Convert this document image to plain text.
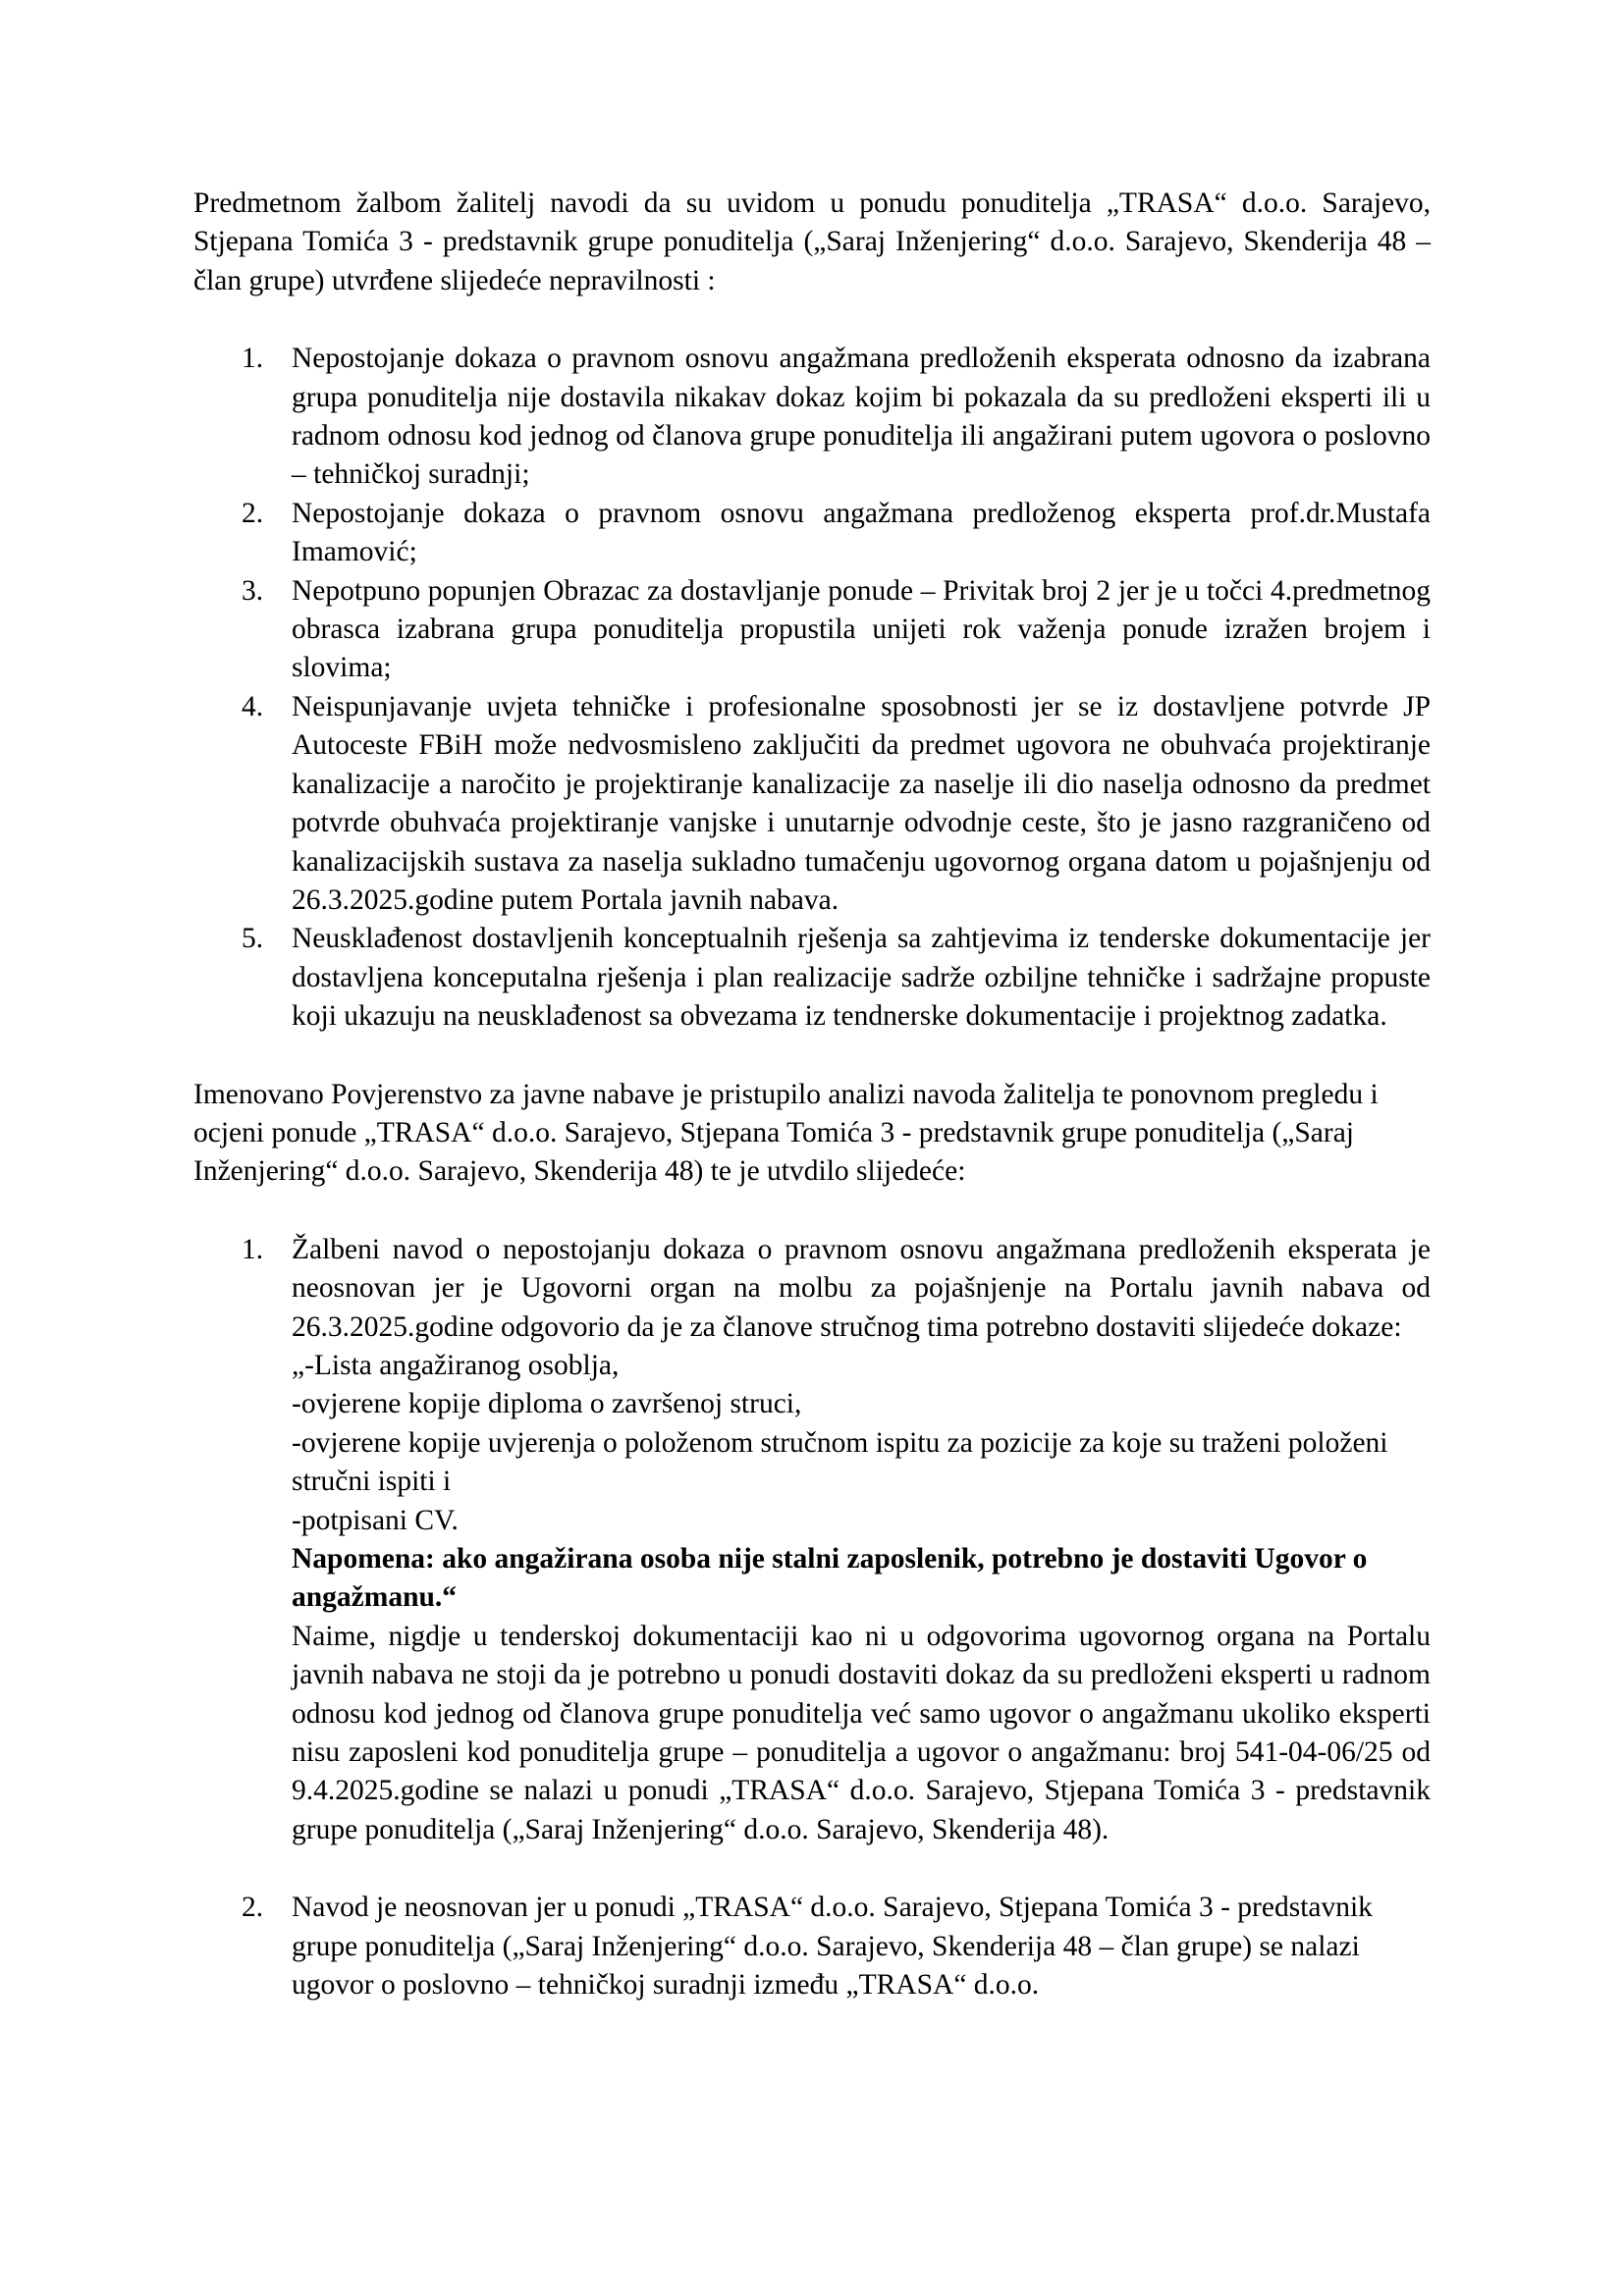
Predmetnom žalbom žalitelj navodi da su uvidom u ponudu ponuditelja „TRASA“ d.o.o. Sarajevo, Stjepana Tomića 3 - predstavnik grupe ponuditelja („Saraj Inženjering“ d.o.o. Sarajevo, Skenderija 48 – član grupe) utvrđene slijedeće nepravilnosti :

1. Nepostojanje dokaza o pravnom osnovu angažmana predloženih eksperata odnosno da izabrana grupa ponuditelja nije dostavila nikakav dokaz kojim bi pokazala da su predloženi eksperti ili u radnom odnosu kod jednog od članova grupe ponuditelja ili angažirani putem ugovora o poslovno – tehničkoj suradnji;

2. Nepostojanje dokaza o pravnom osnovu angažmana predloženog eksperta prof.dr.Mustafa Imamović;

3. Nepotpuno popunjen Obrazac za dostavljanje ponude – Privitak broj 2 jer je u točci 4.predmetnog obrasca izabrana grupa ponuditelja propustila unijeti rok važenja ponude izražen brojem i slovima;

4. Neispunjavanje uvjeta tehničke i profesionalne sposobnosti jer se iz dostavljene potvrde JP Autoceste FBiH može nedvosmisleno zaključiti da predmet ugovora ne obuhvaća projektiranje kanalizacije a naročito je projektiranje kanalizacije za naselje ili dio naselja odnosno da predmet potvrde obuhvaća projektiranje vanjske i unutarnje odvodnje ceste, što je jasno razgraničeno od kanalizacijskih sustava za naselja sukladno tumačenju ugovornog organa datom u pojašnjenju od 26.3.2025.godine putem Portala javnih nabava.

5. Neusklađenost dostavljenih konceptualnih rješenja sa zahtjevima iz tenderske dokumentacije jer dostavljena konceputalna rješenja i plan realizacije sadrže ozbiljne tehničke i sadržajne propuste koji ukazuju na neusklađenost sa obvezama iz tendnerske dokumentacije i projektnog zadatka.

Imenovano Povjerenstvo za javne nabave je pristupilo analizi navoda žalitelja te ponovnom pregledu i ocjeni ponude „TRASA“ d.o.o. Sarajevo, Stjepana Tomića 3 - predstavnik grupe ponuditelja („Saraj Inženjering“ d.o.o. Sarajevo, Skenderija 48) te je utvdilo slijedeće:

1. Žalbeni navod o nepostojanju dokaza o pravnom osnovu angažmana predloženih eksperata je neosnovan jer je Ugovorni organ na molbu za pojašnjenje na Portalu javnih nabava od 26.3.2025.godine odgovorio da je za članove stručnog tima potrebno dostaviti slijedeće dokaze:

„-Lista angažiranog osoblja,

-ovjerene kopije diploma o završenoj struci,

-ovjerene kopije uvjerenja o položenom stručnom ispitu za pozicije za koje su traženi položeni stručni ispiti i

-potpisani CV.

Napomena: ako angažirana osoba nije stalni zaposlenik, potrebno je dostaviti Ugovor o angažmanu.“

Naime, nigdje u tenderskoj dokumentaciji kao ni u odgovorima ugovornog organa na Portalu javnih nabava ne stoji da je potrebno u ponudi dostaviti dokaz da su predloženi eksperti u radnom odnosu kod jednog od članova grupe ponuditelja već samo ugovor o angažmanu ukoliko eksperti nisu zaposleni kod ponuditelja grupe – ponuditelja a ugovor o angažmanu: broj 541-04-06/25 od 9.4.2025.godine se nalazi u ponudi „TRASA“ d.o.o. Sarajevo, Stjepana Tomića 3 - predstavnik grupe ponuditelja („Saraj Inženjering“ d.o.o. Sarajevo, Skenderija 48).

2. Navod je neosnovan jer u ponudi „TRASA“ d.o.o. Sarajevo, Stjepana Tomića 3 - predstavnik grupe ponuditelja („Saraj Inženjering“ d.o.o. Sarajevo, Skenderija 48 – član grupe) se nalazi ugovor o poslovno – tehničkoj suradnji između „TRASA“ d.o.o.
